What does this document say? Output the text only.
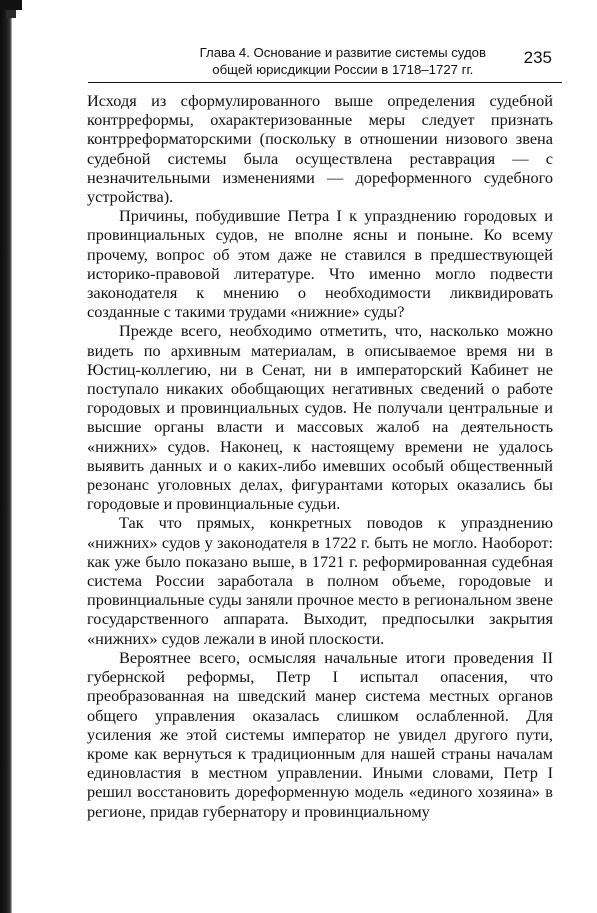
Глава 4. Основание и развитие системы судов
общей юрисдикции России в 1718–1727 гг.
235

Исходя из сформулированного выше определения судебной контрреформы, охарактеризованные меры следует признать контрреформаторскими (поскольку в отношении низового звена судебной системы была осуществлена реставрация — с незначительными изменениями — дореформенного судебного устройства).

Причины, побудившие Петра I к упразднению городовых и провинциальных судов, не вполне ясны и поныне. Ко всему прочему, вопрос об этом даже не ставился в предшествующей историко-правовой литературе. Что именно могло подвести законодателя к мнению о необходимости ликвидировать созданные с такими трудами «нижние» суды?

Прежде всего, необходимо отметить, что, насколько можно видеть по архивным материалам, в описываемое время ни в Юстиц-коллегию, ни в Сенат, ни в императорский Кабинет не поступало никаких обобщающих негативных сведений о работе городовых и провинциальных судов. Не получали центральные и высшие органы власти и массовых жалоб на деятельность «нижних» судов. Наконец, к настоящему времени не удалось выявить данных и о каких-либо имевших особый общественный резонанс уголовных делах, фигурантами которых оказались бы городовые и провинциальные судьи.

Так что прямых, конкретных поводов к упразднению «нижних» судов у законодателя в 1722 г. быть не могло. Наоборот: как уже было показано выше, в 1721 г. реформированная судебная система России заработала в полном объеме, городовые и провинциальные суды заняли прочное место в региональном звене государственного аппарата. Выходит, предпосылки закрытия «нижних» судов лежали в иной плоскости.

Вероятнее всего, осмысляя начальные итоги проведения II губернской реформы, Петр I испытал опасения, что преобразованная на шведский манер система местных органов общего управления оказалась слишком ослабленной. Для усиления же этой системы император не увидел другого пути, кроме как вернуться к традиционным для нашей страны началам единовластия в местном управлении. Иными словами, Петр I решил восстановить дореформенную модель «единого хозяина» в регионе, придав губернатору и провинциальному
